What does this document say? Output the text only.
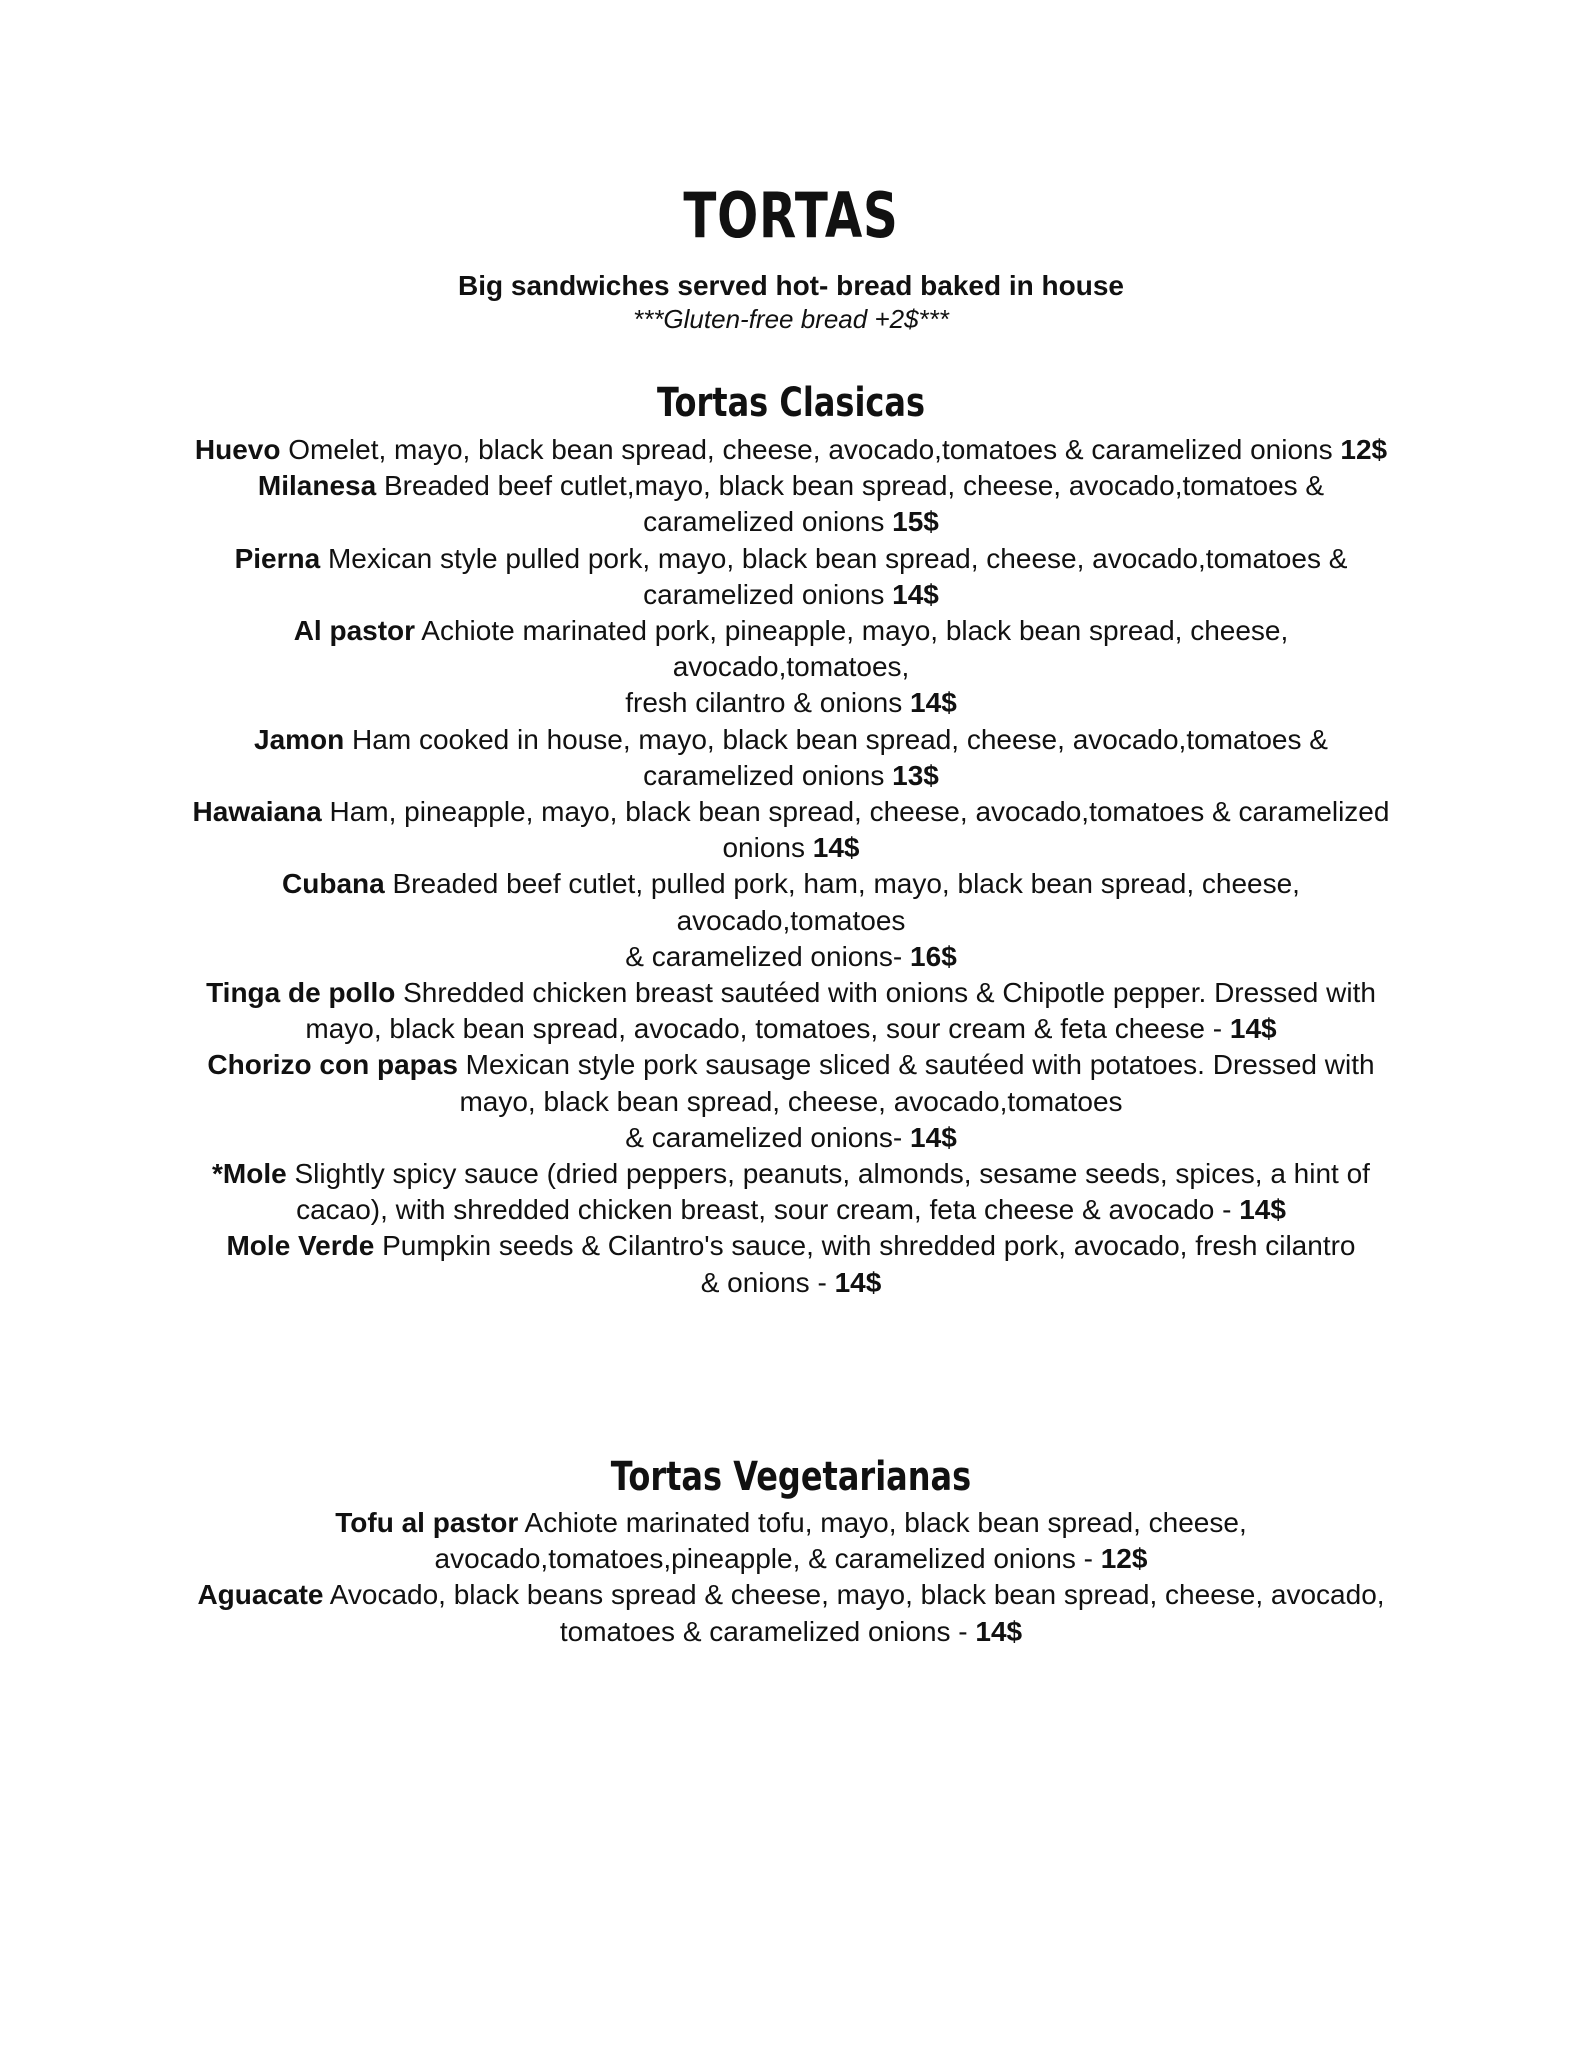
TORTAS
Big sandwiches served hot- bread baked in house
***Gluten-free bread +2$***
Tortas Clasicas
Huevo Omelet, mayo, black bean spread, cheese, avocado,tomatoes & caramelized onions 12$
Milanesa Breaded beef cutlet,mayo, black bean spread, cheese, avocado,tomatoes & caramelized onions 15$
Pierna Mexican style pulled pork, mayo, black bean spread, cheese, avocado,tomatoes & caramelized onions 14$
Al pastor Achiote marinated pork, pineapple, mayo, black bean spread, cheese, avocado,tomatoes,
fresh cilantro & onions 14$
Jamon Ham cooked in house, mayo, black bean spread, cheese, avocado,tomatoes & caramelized onions 13$
Hawaiana Ham, pineapple, mayo, black bean spread, cheese, avocado,tomatoes & caramelized onions 14$
Cubana Breaded beef cutlet, pulled pork, ham, mayo, black bean spread, cheese, avocado,tomatoes
& caramelized onions- 16$
Tinga de pollo Shredded chicken breast sautéed with onions & Chipotle pepper. Dressed with mayo, black bean spread, avocado, tomatoes, sour cream & feta cheese - 14$
Chorizo con papas Mexican style pork sausage sliced & sautéed with potatoes. Dressed with mayo, black bean spread, cheese, avocado,tomatoes
& caramelized onions- 14$
*Mole Slightly spicy sauce (dried peppers, peanuts, almonds, sesame seeds, spices, a hint of cacao), with shredded chicken breast, sour cream, feta cheese & avocado - 14$
Mole Verde Pumpkin seeds & Cilantro's sauce, with shredded pork, avocado, fresh cilantro
& onions - 14$
Tortas Vegetarianas
Tofu al pastor Achiote marinated tofu, mayo, black bean spread, cheese, avocado,tomatoes,pineapple, & caramelized onions - 12$
Aguacate Avocado, black beans spread & cheese, mayo, black bean spread, cheese, avocado, tomatoes & caramelized onions - 14$
